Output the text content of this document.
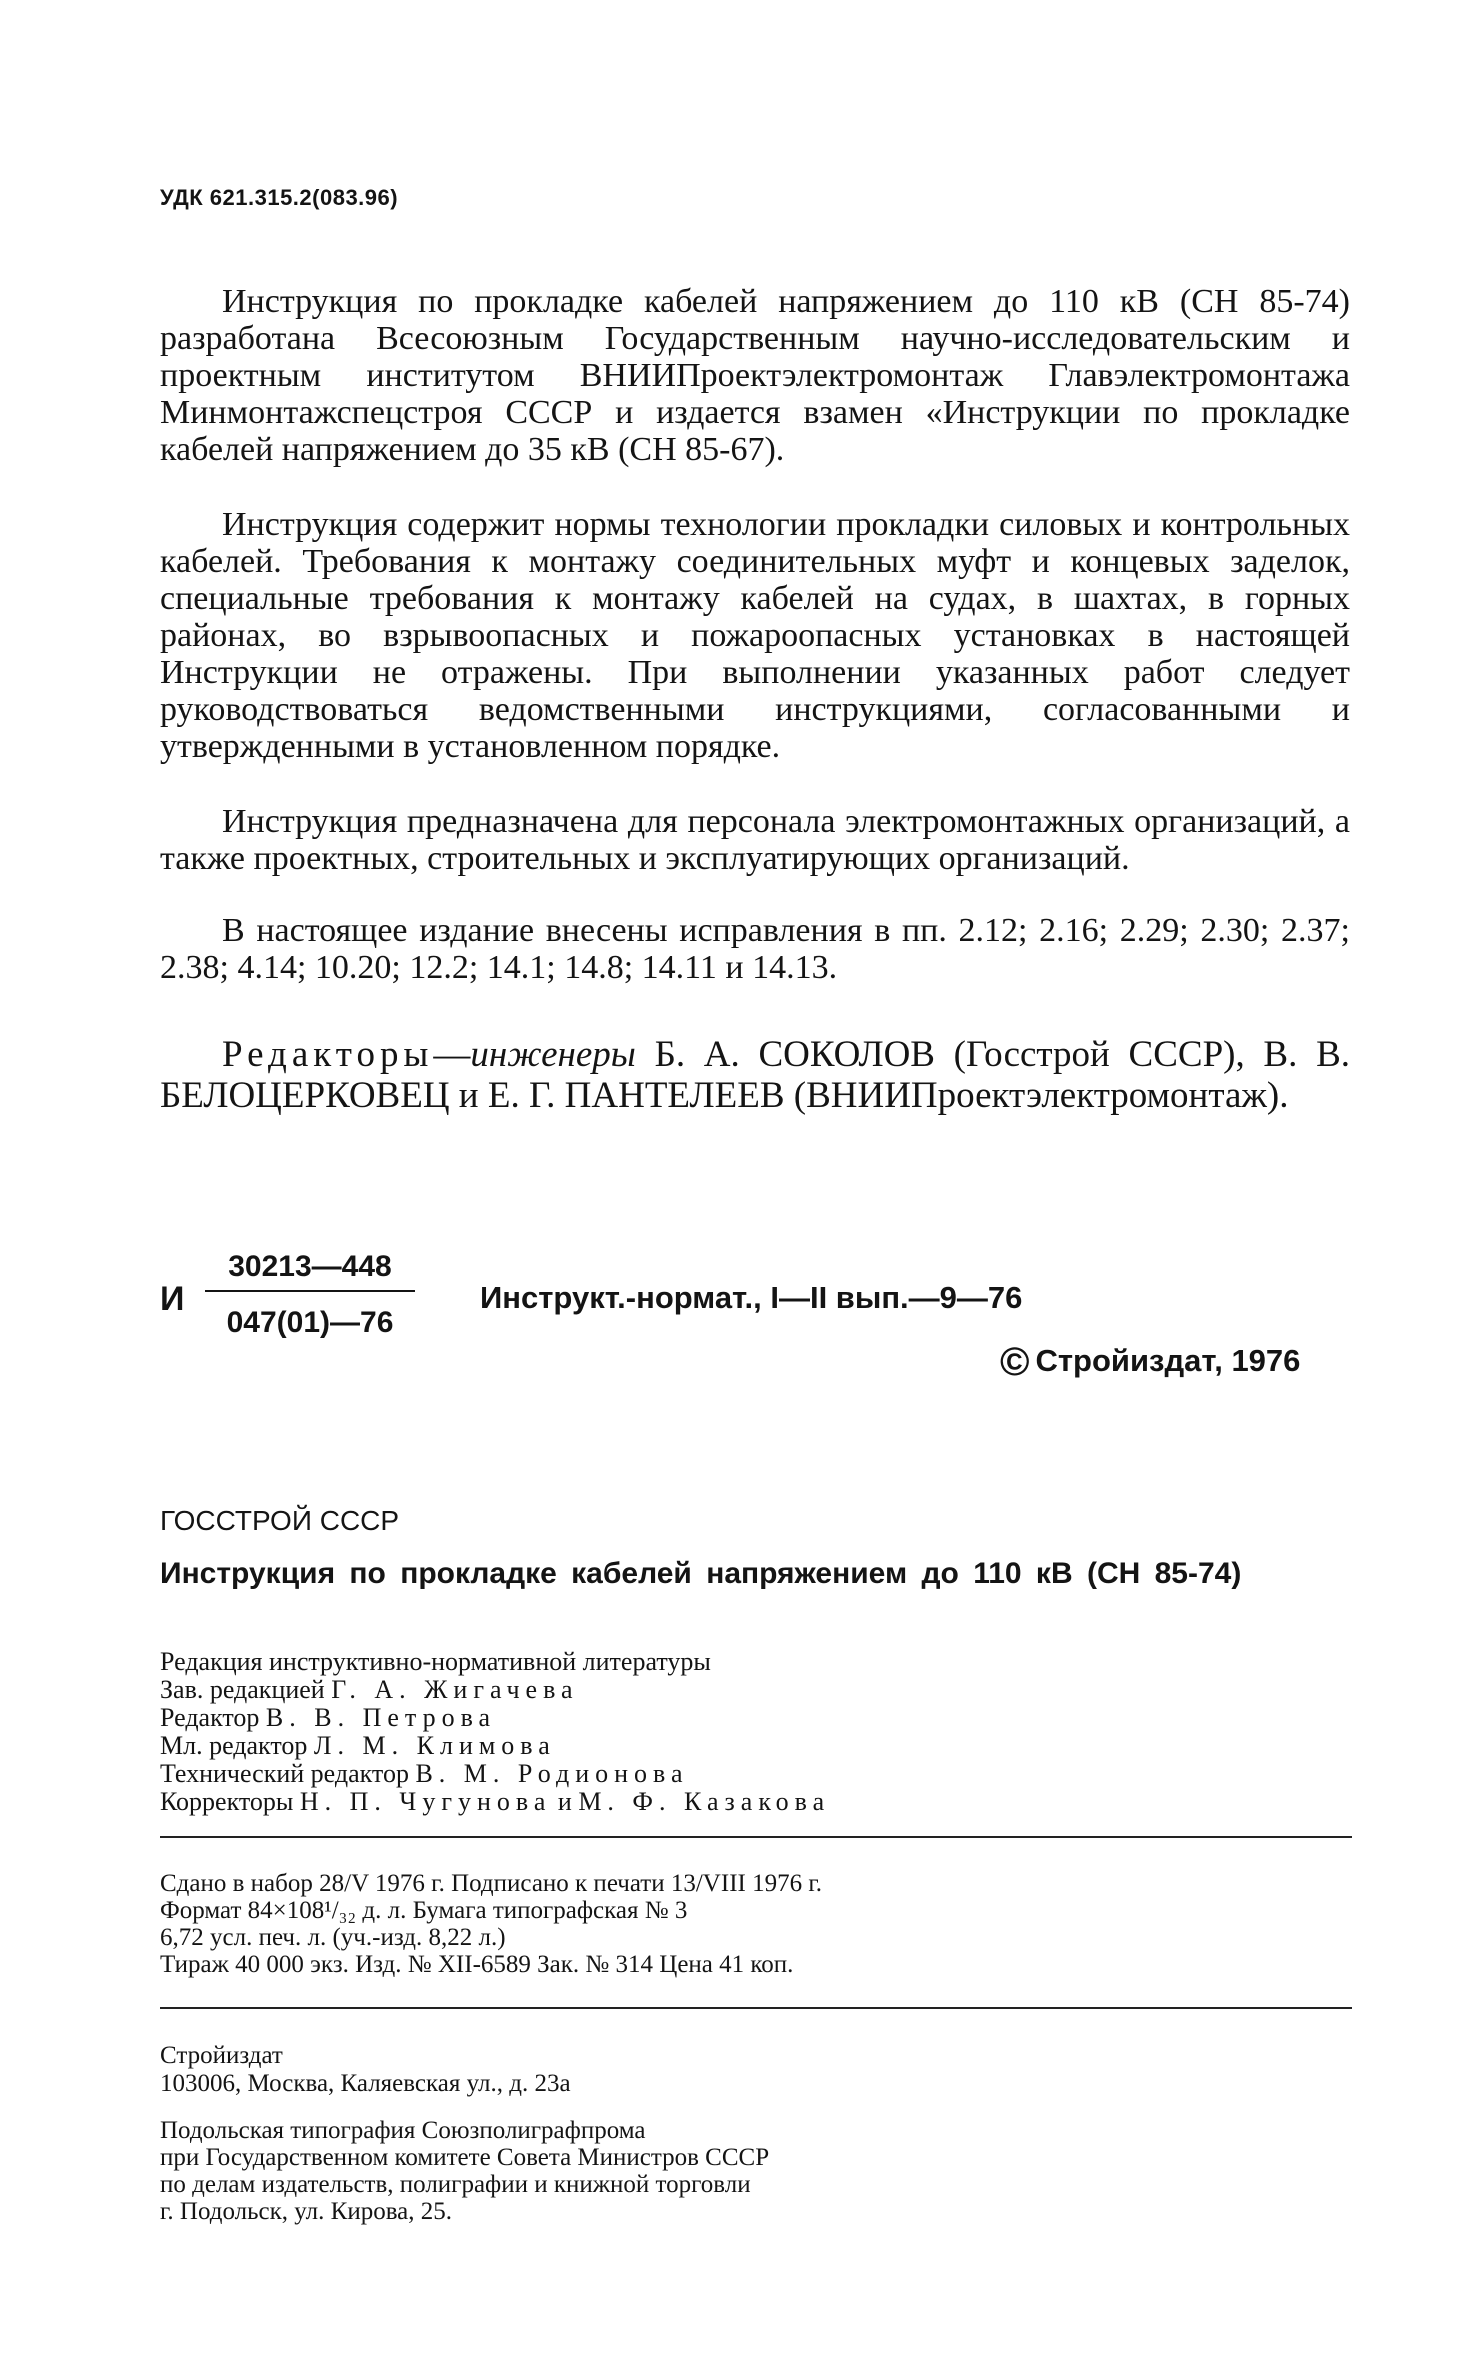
УДК 621.315.2(083.96)

Инструкция по прокладке кабелей напряжением до 110 кВ (СН 85-74) разработана Всесоюзным Государственным научно-исследовательским и проектным институтом ВНИИПроектэлектромонтаж Главэлектромонтажа Минмонтажспецстроя СССР и издается взамен «Инструкции по прокладке кабелей напряжением до 35 кВ (СН 85-67).

Инструкция содержит нормы технологии прокладки силовых и контрольных кабелей. Требования к монтажу соединительных муфт и концевых заделок, специальные требования к монтажу кабелей на судах, в шахтах, в горных районах, во взрывоопасных и пожароопасных установках в настоящей Инструкции не отражены. При выполнении указанных работ следует руководствоваться ведомственными инструкциями, согласованными и утвержденными в установленном порядке.

Инструкция предназначена для персонала электромонтажных организаций, а также проектных, строительных и эксплуатирующих организаций.

В настоящее издание внесены исправления в пп. 2.12; 2.16; 2.29; 2.30; 2.37; 2.38; 4.14; 10.20; 12.2; 14.1; 14.8; 14.11 и 14.13.

Редакторы—инженеры Б. А. СОКОЛОВ (Госстрой СССР), В. В. БЕЛОЦЕРКОВЕЦ и Е. Г. ПАНТЕЛЕЕВ (ВНИИПроектэлектромонтаж).

И $\frac{30213—448}{047(01)—76}$ Инструкт.-нормат., I—II вып.—9—76
© Стройиздат, 1976
ГОССТРОЙ СССР

Инструкция по прокладке кабелей напряжением до 110 кВ (СН 85-74)

Редакция инструктивно-нормативной литературы
Зав. редакцией Г. А. Жигачева
Редактор В. В. Петрова
Мл. редактор Л. М. Климова
Технический редактор В. М. Родионова
Корректоры Н. П. Чугунова и М. Ф. Казакова
Сдано в набор 28/V 1976 г. Подписано к печати 13/VIII 1976 г.
Формат 84×108¹/₃₂ д. л. Бумага типографская № 3
6,72 усл. печ. л. (уч.-изд. 8,22 л.)
Тираж 40 000 экз. Изд. № XII-6589 Зак. № 314 Цена 41 коп.
Стройиздат
103006, Москва, Каляевская ул., д. 23а
Подольская типография Союзполиграфпрома
при Государственном комитете Совета Министров СССР
по делам издательств, полиграфии и книжной торговли
г. Подольск, ул. Кирова, 25.
